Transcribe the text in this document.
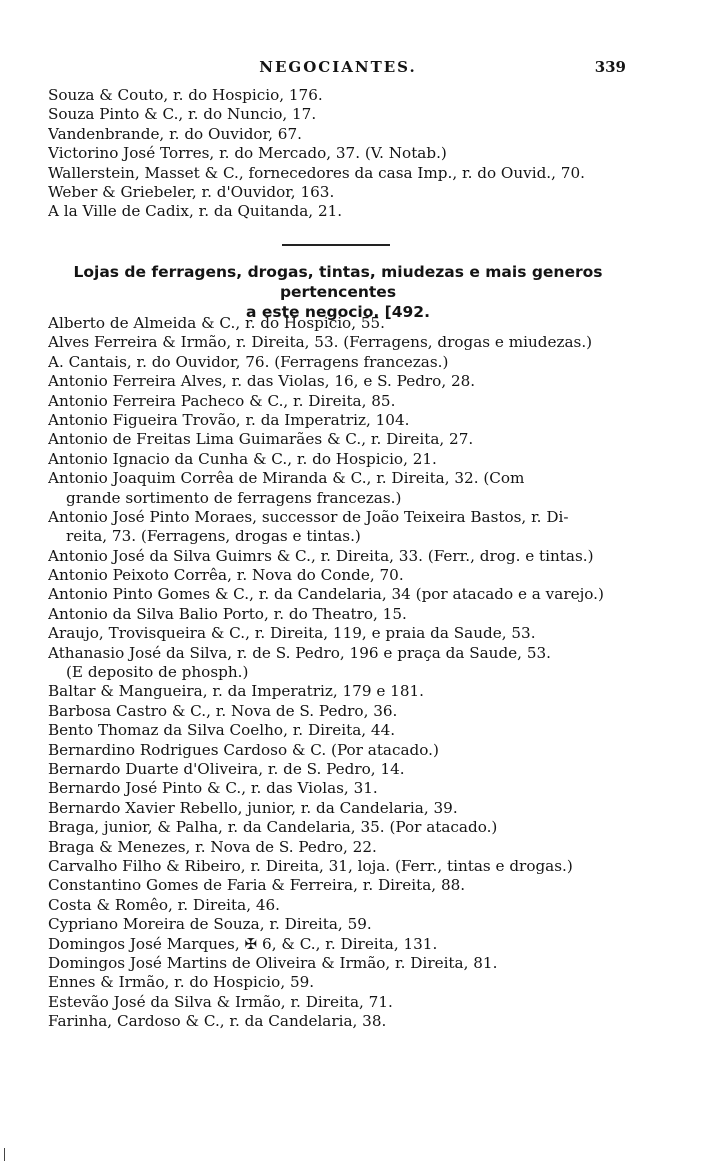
NEGOCIANTES.	339
Souza & Couto, r. do Hospicio, 176.
Souza Pinto & C., r. do Nuncio, 17.
Vandenbrande, r. do Ouvidor, 67.
Victorino José Torres, r. do Mercado, 37. (V. Notab.)
Wallerstein, Masset & C., fornecedores da casa Imp., r. do Ouvid., 70.
Weber & Griebeler, r. d'Ouvidor, 163.
A la Ville de Cadix, r. da Quitanda, 21.
Lojas de ferragens, drogas, tintas, miudezas e mais generos pertencentes
a este negocio. [492.
Alberto de Almeida & C., r. do Hospicio, 55.
Alves Ferreira & Irmão, r. Direita, 53. (Ferragens, drogas e miudezas.)
A. Cantais, r. do Ouvidor, 76. (Ferragens francezas.)
Antonio Ferreira Alves, r. das Violas, 16, e S. Pedro, 28.
Antonio Ferreira Pacheco & C., r. Direita, 85.
Antonio Figueira Trovão, r. da Imperatriz, 104.
Antonio de Freitas Lima Guimarães & C., r. Direita, 27.
Antonio Ignacio da Cunha & C., r. do Hospicio, 21.
Antonio Joaquim Corrêa de Miranda & C., r. Direita, 32. (Com
grande sortimento de ferragens francezas.)
Antonio José Pinto Moraes, successor de João Teixeira Bastos, r. Di-
reita, 73. (Ferragens, drogas e tintas.)
Antonio José da Silva Guimrs & C., r. Direita, 33. (Ferr., drog. e tintas.)
Antonio Peixoto Corrêa, r. Nova do Conde, 70.
Antonio Pinto Gomes & C., r. da Candelaria, 34 (por atacado e a varejo.)
Antonio da Silva Balio Porto, r. do Theatro, 15.
Araujo, Trovisqueira & C., r. Direita, 119, e praia da Saude, 53.
Athanasio José da Silva, r. de S. Pedro, 196 e praça da Saude, 53.
(E deposito de phosph.)
Baltar & Mangueira, r. da Imperatriz, 179 e 181.
Barbosa Castro & C., r. Nova de S. Pedro, 36.
Bento Thomaz da Silva Coelho, r. Direita, 44.
Bernardino Rodrigues Cardoso & C. (Por atacado.)
Bernardo Duarte d'Oliveira, r. de S. Pedro, 14.
Bernardo José Pinto & C., r. das Violas, 31.
Bernardo Xavier Rebello, junior, r. da Candelaria, 39.
Braga, junior, & Palha, r. da Candelaria, 35. (Por atacado.)
Braga & Menezes, r. Nova de S. Pedro, 22.
Carvalho Filho & Ribeiro, r. Direita, 31, loja. (Ferr., tintas e drogas.)
Constantino Gomes de Faria & Ferreira, r. Direita, 88.
Costa & Romêo, r. Direita, 46.
Cypriano Moreira de Souza, r. Direita, 59.
Domingos José Marques, ✠ 6, & C., r. Direita, 131.
Domingos José Martins de Oliveira & Irmão, r. Direita, 81.
Ennes & Irmão, r. do Hospicio, 59.
Estevão José da Silva & Irmão, r. Direita, 71.
Farinha, Cardoso & C., r. da Candelaria, 38.
